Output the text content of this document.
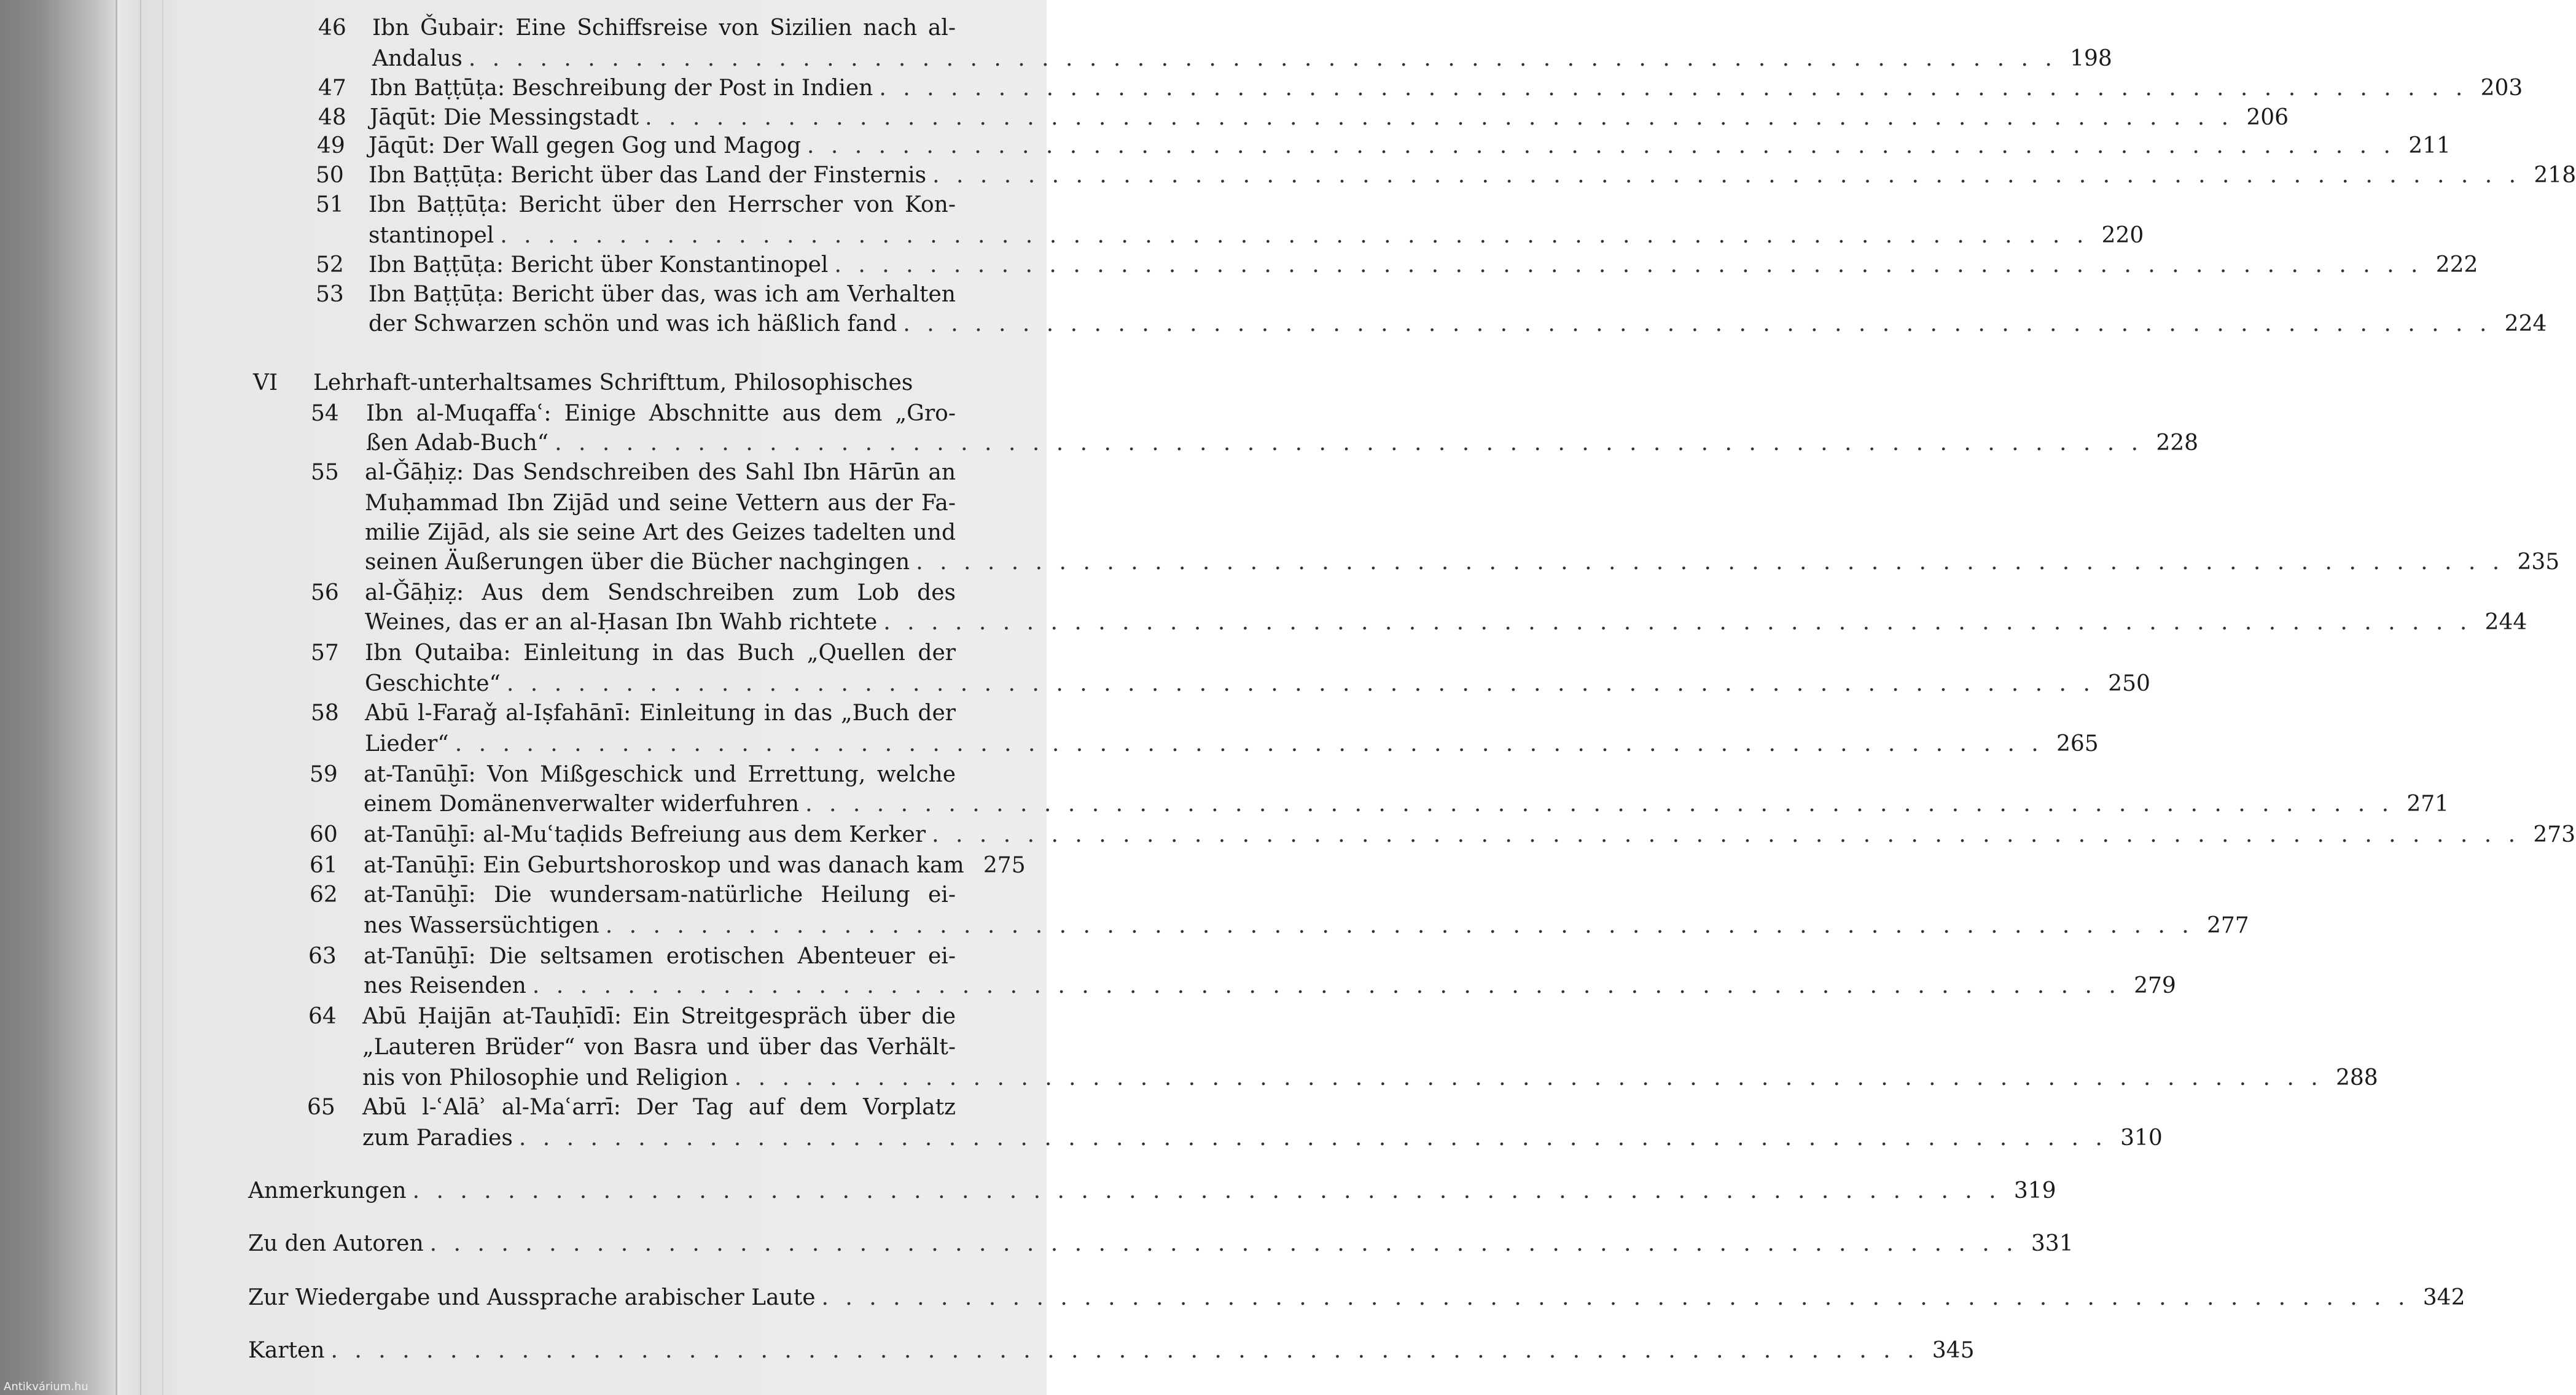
46 Ibn Ǧubair: Eine Schiffsreise von Sizilien nach al-
Andalus . . . . . . . . . . . . . . . . . . . . . . . . . . . . . . . . . . . . . . . . . . . . . . . . . . . . . . . . . . . . . . . . . . . 198
47 Ibn Baṭṭūṭa: Beschreibung der Post in Indien . . . . . . . . . . . . . . . . . . . . . . . . . . . . . . . . . . . . . . . . . . . . . . . . . . . . . . . . . . . . . . . . . . . 203
48 Jāqūt: Die Messingstadt . . . . . . . . . . . . . . . . . . . . . . . . . . . . . . . . . . . . . . . . . . . . . . . . . . . . . . . . . . . . . . . . . . . 206
49 Jāqūt: Der Wall gegen Gog und Magog . . . . . . . . . . . . . . . . . . . . . . . . . . . . . . . . . . . . . . . . . . . . . . . . . . . . . . . . . . . . . . . . . . . 211
50 Ibn Baṭṭūṭa: Bericht über das Land der Finsternis . . . . . . . . . . . . . . . . . . . . . . . . . . . . . . . . . . . . . . . . . . . . . . . . . . . . . . . . . . . . . . . . . . . 218
51 Ibn Baṭṭūṭa: Bericht über den Herrscher von Kon-
stantinopel . . . . . . . . . . . . . . . . . . . . . . . . . . . . . . . . . . . . . . . . . . . . . . . . . . . . . . . . . . . . . . . . . . . 220
52 Ibn Baṭṭūṭa: Bericht über Konstantinopel . . . . . . . . . . . . . . . . . . . . . . . . . . . . . . . . . . . . . . . . . . . . . . . . . . . . . . . . . . . . . . . . . . . 222
53 Ibn Baṭṭūṭa: Bericht über das, was ich am Verhalten
der Schwarzen schön und was ich häßlich fand . . . . . . . . . . . . . . . . . . . . . . . . . . . . . . . . . . . . . . . . . . . . . . . . . . . . . . . . . . . . . . . . . . . 224
VI Lehrhaft-unterhaltsames Schrifttum, Philosophisches
54 Ibn al-Muqaffaʿ: Einige Abschnitte aus dem „Gro-
ßen Adab-Buch“ . . . . . . . . . . . . . . . . . . . . . . . . . . . . . . . . . . . . . . . . . . . . . . . . . . . . . . . . . . . . . . . . . . . 228
55 al-Ǧāḥiẓ: Das Sendschreiben des Sahl Ibn Hārūn an
Muḥammad Ibn Zijād und seine Vettern aus der Fa-
milie Zijād, als sie seine Art des Geizes tadelten und
seinen Äußerungen über die Bücher nachgingen . . . . . . . . . . . . . . . . . . . . . . . . . . . . . . . . . . . . . . . . . . . . . . . . . . . . . . . . . . . . . . . . . . . 235
56 al-Ǧāḥiẓ: Aus dem Sendschreiben zum Lob des
Weines, das er an al-Ḥasan Ibn Wahb richtete . . . . . . . . . . . . . . . . . . . . . . . . . . . . . . . . . . . . . . . . . . . . . . . . . . . . . . . . . . . . . . . . . . . 244
57 Ibn Qutaiba: Einleitung in das Buch „Quellen der
Geschichte“ . . . . . . . . . . . . . . . . . . . . . . . . . . . . . . . . . . . . . . . . . . . . . . . . . . . . . . . . . . . . . . . . . . . 250
58 Abū l-Faraǧ al-Iṣfahānī: Einleitung in das „Buch der
Lieder“ . . . . . . . . . . . . . . . . . . . . . . . . . . . . . . . . . . . . . . . . . . . . . . . . . . . . . . . . . . . . . . . . . . . 265
59 at-Tanūḫī: Von Mißgeschick und Errettung, welche
einem Domänenverwalter widerfuhren . . . . . . . . . . . . . . . . . . . . . . . . . . . . . . . . . . . . . . . . . . . . . . . . . . . . . . . . . . . . . . . . . . . 271
60 at-Tanūḫī: al-Muʿtaḍids Befreiung aus dem Kerker . . . . . . . . . . . . . . . . . . . . . . . . . . . . . . . . . . . . . . . . . . . . . . . . . . . . . . . . . . . . . . . . . . . 273
61 at-Tanūḫī: Ein Geburtshoroskop und was danach kam 275
62 at-Tanūḫī: Die wundersam-natürliche Heilung ei-
nes Wassersüchtigen . . . . . . . . . . . . . . . . . . . . . . . . . . . . . . . . . . . . . . . . . . . . . . . . . . . . . . . . . . . . . . . . . . . 277
63 at-Tanūḫī: Die seltsamen erotischen Abenteuer ei-
nes Reisenden . . . . . . . . . . . . . . . . . . . . . . . . . . . . . . . . . . . . . . . . . . . . . . . . . . . . . . . . . . . . . . . . . . . 279
64 Abū Ḥaijān at-Tauḥīdī: Ein Streitgespräch über die
„Lauteren Brüder“ von Basra und über das Verhält-
nis von Philosophie und Religion . . . . . . . . . . . . . . . . . . . . . . . . . . . . . . . . . . . . . . . . . . . . . . . . . . . . . . . . . . . . . . . . . . . 288
65 Abū l-ʿAlāʾ al-Maʿarrī: Der Tag auf dem Vorplatz
zum Paradies . . . . . . . . . . . . . . . . . . . . . . . . . . . . . . . . . . . . . . . . . . . . . . . . . . . . . . . . . . . . . . . . . . . 310
Anmerkungen . . . . . . . . . . . . . . . . . . . . . . . . . . . . . . . . . . . . . . . . . . . . . . . . . . . . . . . . . . . . . . . . . . . 319
Zu den Autoren . . . . . . . . . . . . . . . . . . . . . . . . . . . . . . . . . . . . . . . . . . . . . . . . . . . . . . . . . . . . . . . . . . . 331
Zur Wiedergabe und Aussprache arabischer Laute . . . . . . . . . . . . . . . . . . . . . . . . . . . . . . . . . . . . . . . . . . . . . . . . . . . . . . . . . . . . . . . . . . . 342
Karten . . . . . . . . . . . . . . . . . . . . . . . . . . . . . . . . . . . . . . . . . . . . . . . . . . . . . . . . . . . . . . . . . . . 345
Antikvárium.hu
